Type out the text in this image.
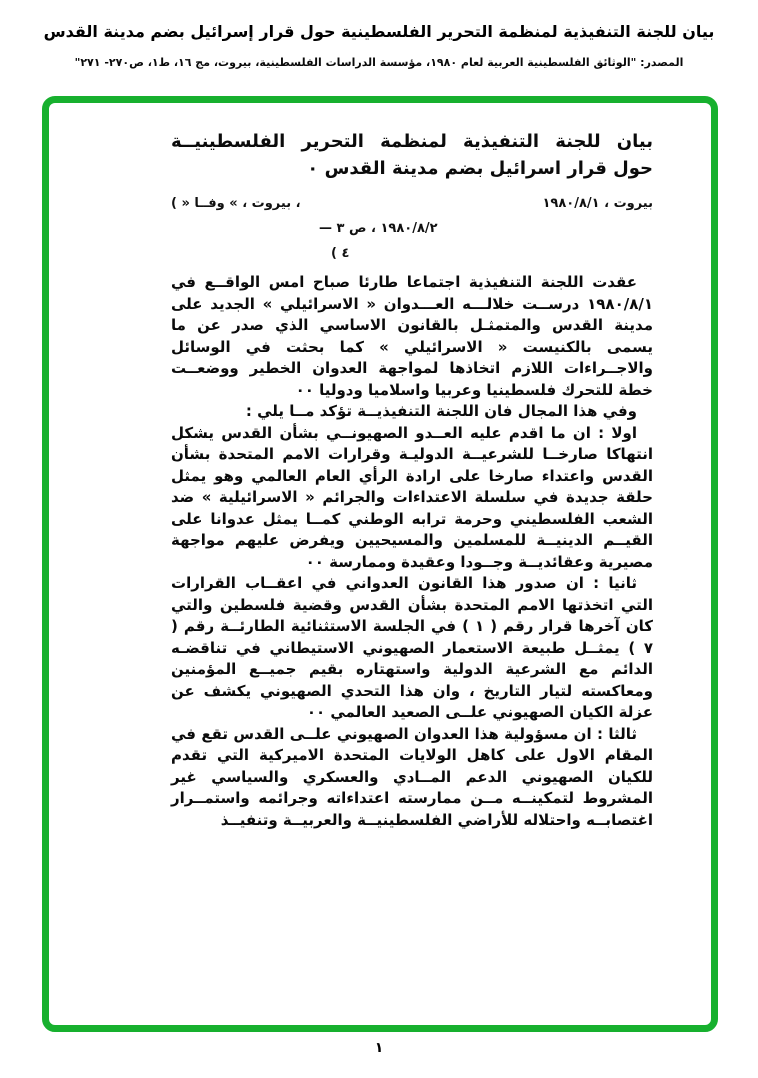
بيان للجنة التنفيذية لمنظمة التحرير الفلسطينية حول قرار إسرائيل بضم مدينة القدس
المصدر: "الوثائق الفلسطينية العربية لعام ١٩٨٠، مؤسسة الدراسات الفلسطينية، بيروت، مج ١٦، ط١، ص٢٧٠- ٢٧١"
بيان للجنة التنفيذية لمنظمة التحرير الفلسطينيــة
حول قرار اسرائيل بضم مدينة القدس ٠
بيروت ، ١٩٨٠/٨/١
، بيروت ، » وفــا « )
١٩٨٠/٨/٢ ، ص ٣ —
٤ )

عقدت اللجنة التنفيذية اجتماعا طارئا صباح امس الواقــع في ١٩٨٠/٨/١ درســت خلالـــه العـــدوان « الاسرائيلي » الجديد على مدينة القدس والمتمثـل بالقانون الاساسي الذي صدر عن ما يسمى بالكنيست « الاسرائيلي » كما بحثت في الوسائل والاجــراءات اللازم اتخاذها لمواجهة العدوان الخطير ووضعــت خطة للتحرك فلسطينيا وعربيا واسلاميا ودوليا ٠٠

وفي هذا المجال فان اللجنة التنفيذيــة تؤكد مــا يلي :

اولا : ان ما اقدم عليه العــدو الصهيونــي بشأن القدس يشكل انتهاكا صارخــا للشرعيــة الدوليـة وقرارات الامم المتحدة بشأن القدس واعتداء صارخا على ارادة الرأي العام العالمي وهو يمثل حلقة جديدة في سلسلة الاعتداءات والجرائم « الاسرائيلية » ضد الشعب الفلسطيني وحرمة ترابه الوطني كمــا يمثل عدوانا على القيــم الدينيــة للمسلمين والمسيحيين ويفرض عليهم مواجهة مصيرية وعقائديــة وجــودا وعقيدة وممارسة ٠٠

ثانيا : ان صدور هذا القانون العدواني في اعقــاب القرارات التي اتخذتها الامم المتحدة بشأن القدس وقضية فلسطين والتي كان آخرها قرار رقم ( ١ ) في الجلسة الاستثنائية الطارئــة رقم ( ٧ ) يمثــل طبيعة الاستعمار الصهيوني الاستيطاني في تناقضـه الدائم مع الشرعية الدولية واستهتاره بقيم جميــع المؤمنين ومعاكسته لتيار التاريخ ، وان هذا التحدي الصهيوني يكشف عن عزلة الكيان الصهيوني علــى الصعيد العالمي ٠٠

ثالثا : ان مسؤولية هذا العدوان الصهيوني علــى القدس تقع في المقام الاول على كاهل الولايات المتحدة الاميركية التي تقدم للكيان الصهيوني الدعم المــادي والعسكري والسياسي غير المشروط لتمكينــه مــن ممارسته اعتداءاته وجرائمه واستمــرار اغتصابــه واحتلاله للأراضي الفلسطينيــة والعربيــة وتنفيــذ

١
